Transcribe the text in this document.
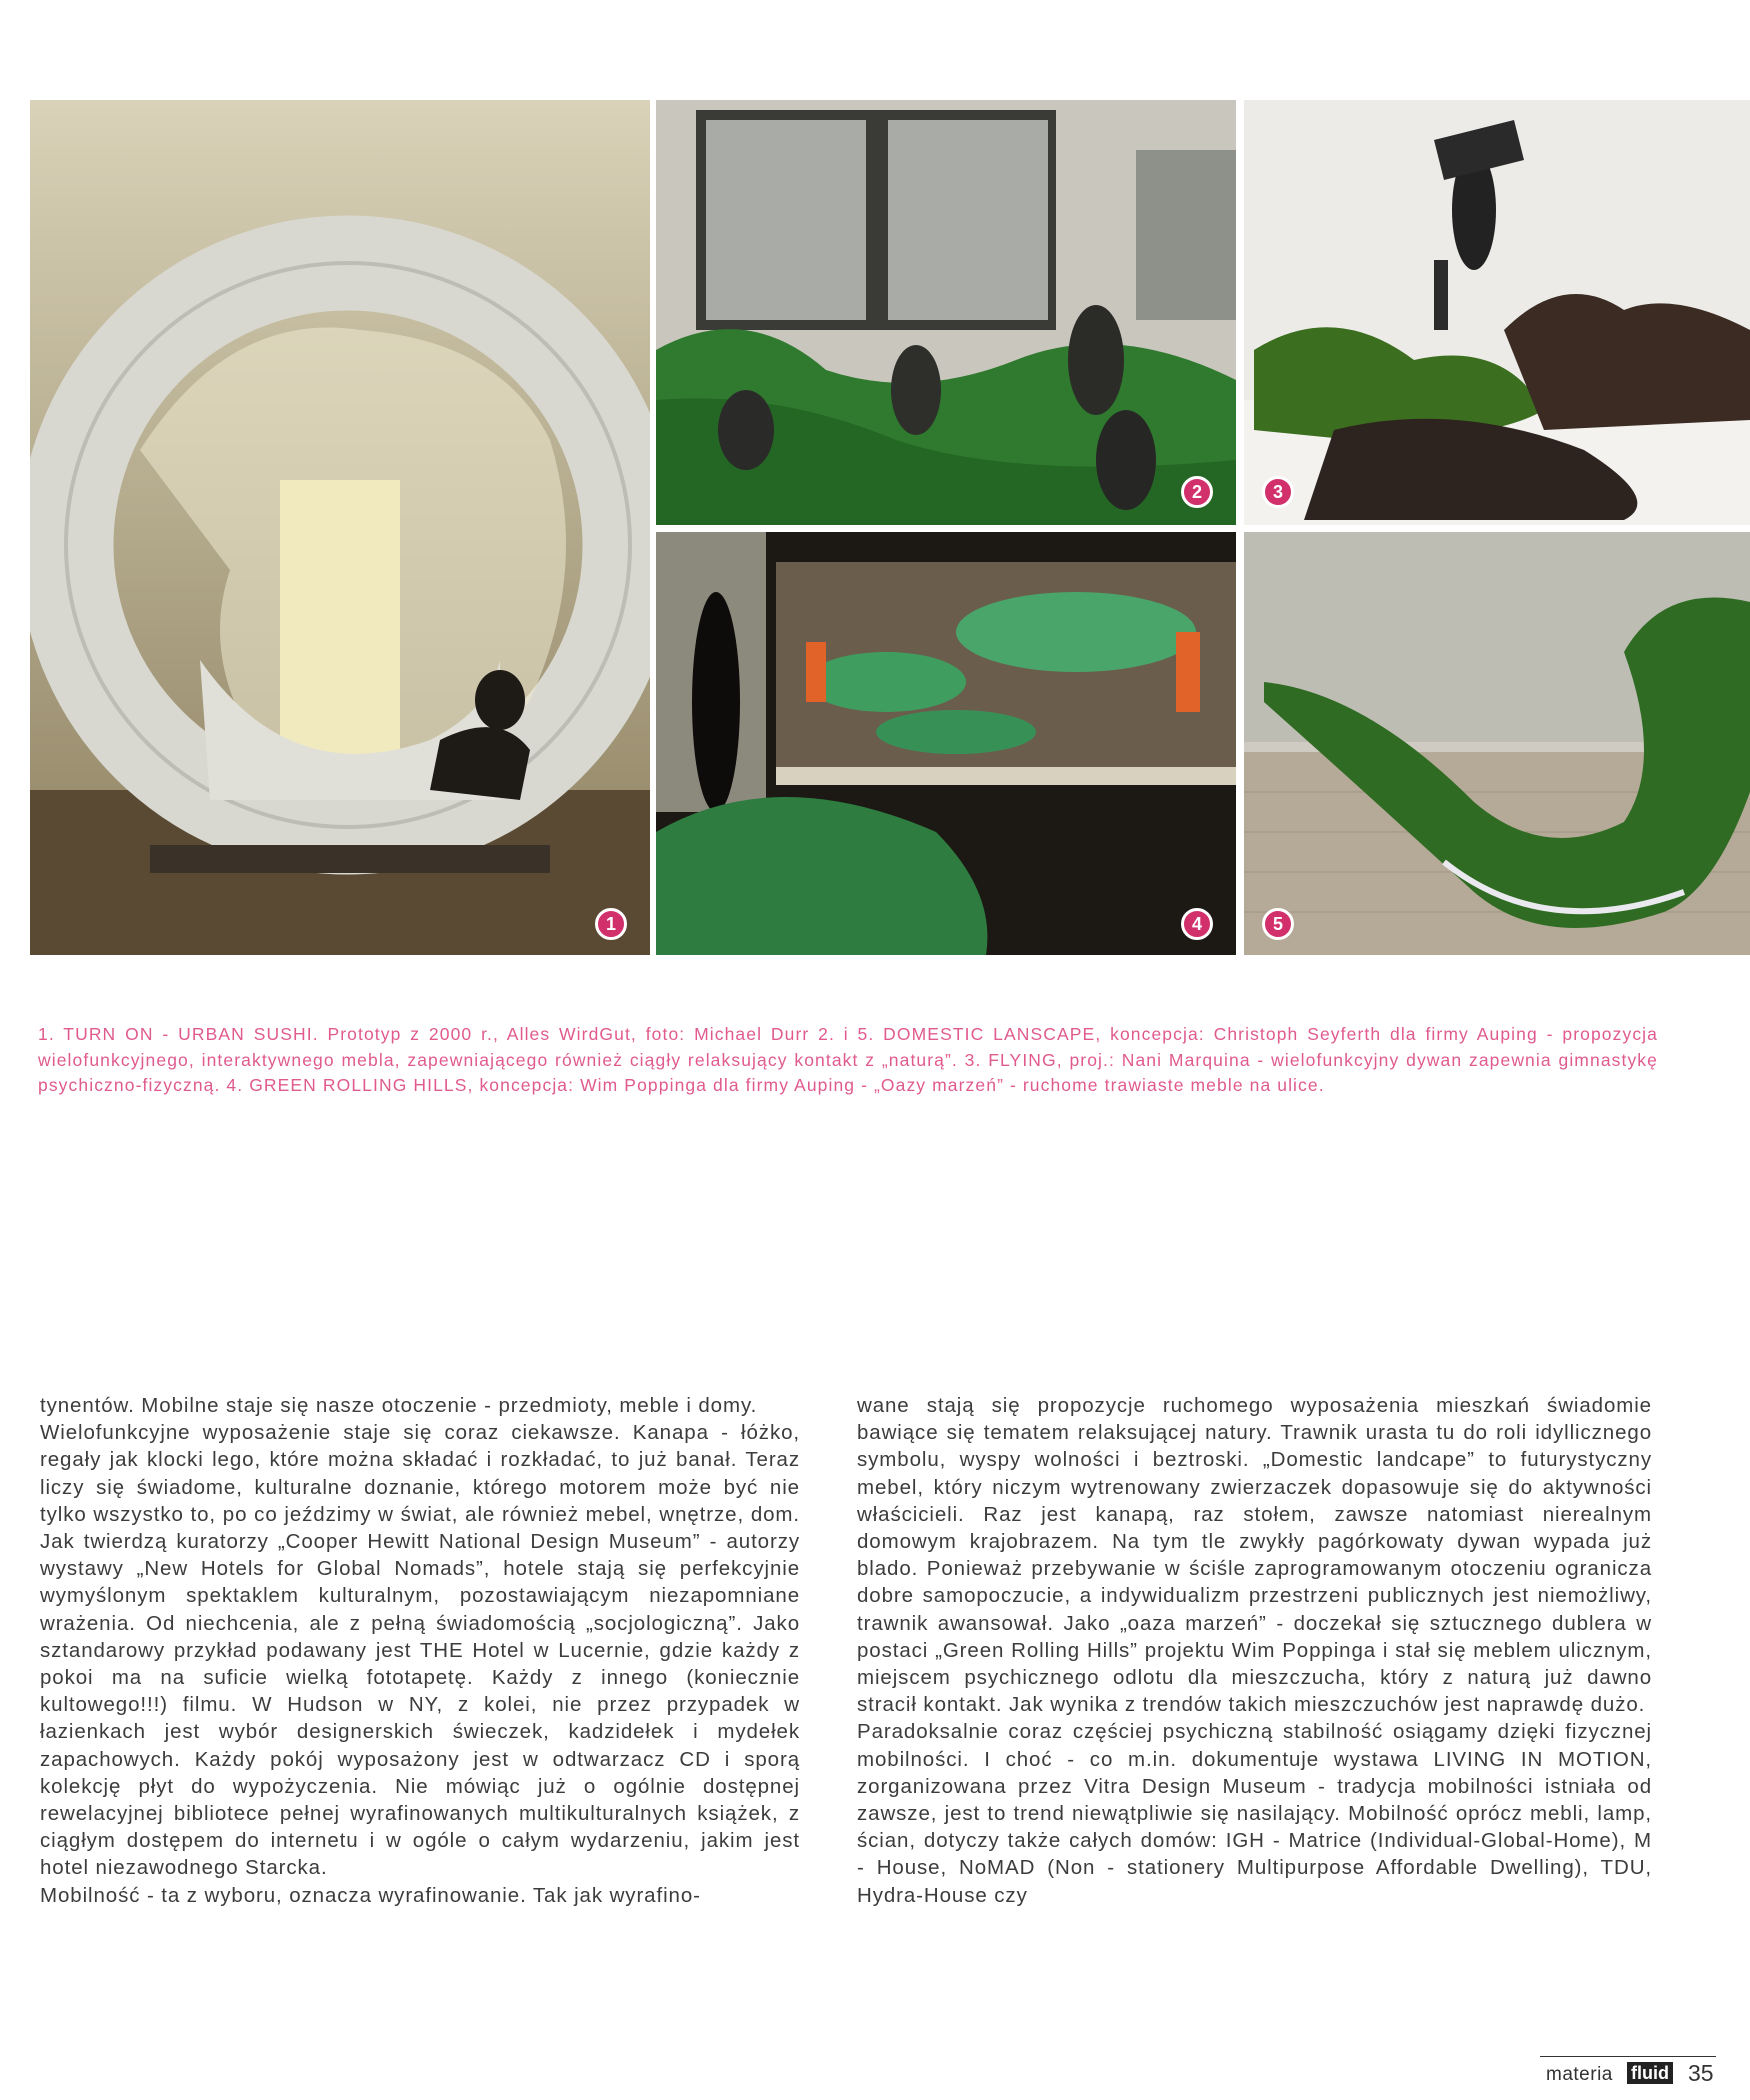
1
2	3
4	5
1. TURN ON - URBAN SUSHI. Prototyp z 2000 r., Alles WirdGut, foto: Michael Durr 2. i 5. DOMESTIC LANSCAPE, koncepcja: Christoph Seyferth dla firmy Auping - propozycja wielofunkcyjnego, interaktywnego mebla, zapewniającego również ciągły relaksujący kontakt z „naturą”. 3. FLYING, proj.: Nani Marquina - wielofunkcyjny dywan zapewnia gimnastykę psychiczno-fizyczną. 4. GREEN ROLLING HILLS, koncepcja: Wim Poppinga dla firmy Auping - „Oazy marzeń” - ruchome trawiaste meble na ulice.

tynentów. Mobilne staje się nasze otoczenie - przedmioty, meble i domy.

Wielofunkcyjne wyposażenie staje się coraz ciekawsze. Kanapa - łóżko, regały jak klocki lego, które można składać i rozkładać, to już banał. Teraz liczy się świadome, kulturalne doznanie, którego motorem może być nie tylko wszystko to, po co jeździmy w świat, ale również mebel, wnętrze, dom. Jak twierdzą kuratorzy „Cooper Hewitt National Design Museum” - autorzy wystawy „New Hotels for Global Nomads”, hotele stają się perfekcyjnie wymyślonym spektaklem kulturalnym, pozostawiającym niezapomniane wrażenia. Od niechcenia, ale z pełną świadomością „socjologiczną”. Jako sztandarowy przykład podawany jest THE Hotel w Lucernie, gdzie każdy z pokoi ma na suficie wielką fototapetę. Każdy z innego (koniecznie kultowego!!!) filmu. W Hudson w NY, z kolei, nie przez przypadek w łazienkach jest wybór designerskich świeczek, kadzidełek i mydełek zapachowych. Każdy pokój wyposażony jest w odtwarzacz CD i sporą kolekcję płyt do wypożyczenia. Nie mówiąc już o ogólnie dostępnej rewelacyjnej bibliotece pełnej wyrafinowanych multikulturalnych książek, z ciągłym dostępem do internetu i w ogóle o całym wydarzeniu, jakim jest hotel niezawodnego Starcka.

Mobilność - ta z wyboru, oznacza wyrafinowanie. Tak jak wyrafino-

wane stają się propozycje ruchomego wyposażenia mieszkań świadomie bawiące się tematem relaksującej natury. Trawnik urasta tu do roli idyllicznego symbolu, wyspy wolności i beztroski. „Domestic landcape” to futurystyczny mebel, który niczym wytrenowany zwierzaczek dopasowuje się do aktywności właścicieli. Raz jest kanapą, raz stołem, zawsze natomiast nierealnym domowym krajobrazem. Na tym tle zwykły pagórkowaty dywan wypada już blado. Ponieważ przebywanie w ściśle zaprogramowanym otoczeniu ogranicza dobre samopoczucie, a indywidualizm przestrzeni publicznych jest niemożliwy, trawnik awansował. Jako „oaza marzeń” - doczekał się sztucznego dublera w postaci „Green Rolling Hills” projektu Wim Poppinga i stał się meblem ulicznym, miejscem psychicznego odlotu dla mieszczucha, który z naturą już dawno stracił kontakt. Jak wynika z trendów takich mieszczuchów jest naprawdę dużo.

Paradoksalnie coraz częściej psychiczną stabilność osiągamy dzięki fizycznej mobilności. I choć - co m.in. dokumentuje wystawa LIVING IN MOTION, zorganizowana przez Vitra Design Museum - tradycja mobilności istniała od zawsze, jest to trend niewątpliwie się nasilający. Mobilność oprócz mebli, lamp, ścian, dotyczy także całych domów: IGH - Matrice (Individual-Global-Home), M - House, NoMAD (Non - stationery Multipurpose Affordable Dwelling), TDU, Hydra-House czy

materia fluid 35
